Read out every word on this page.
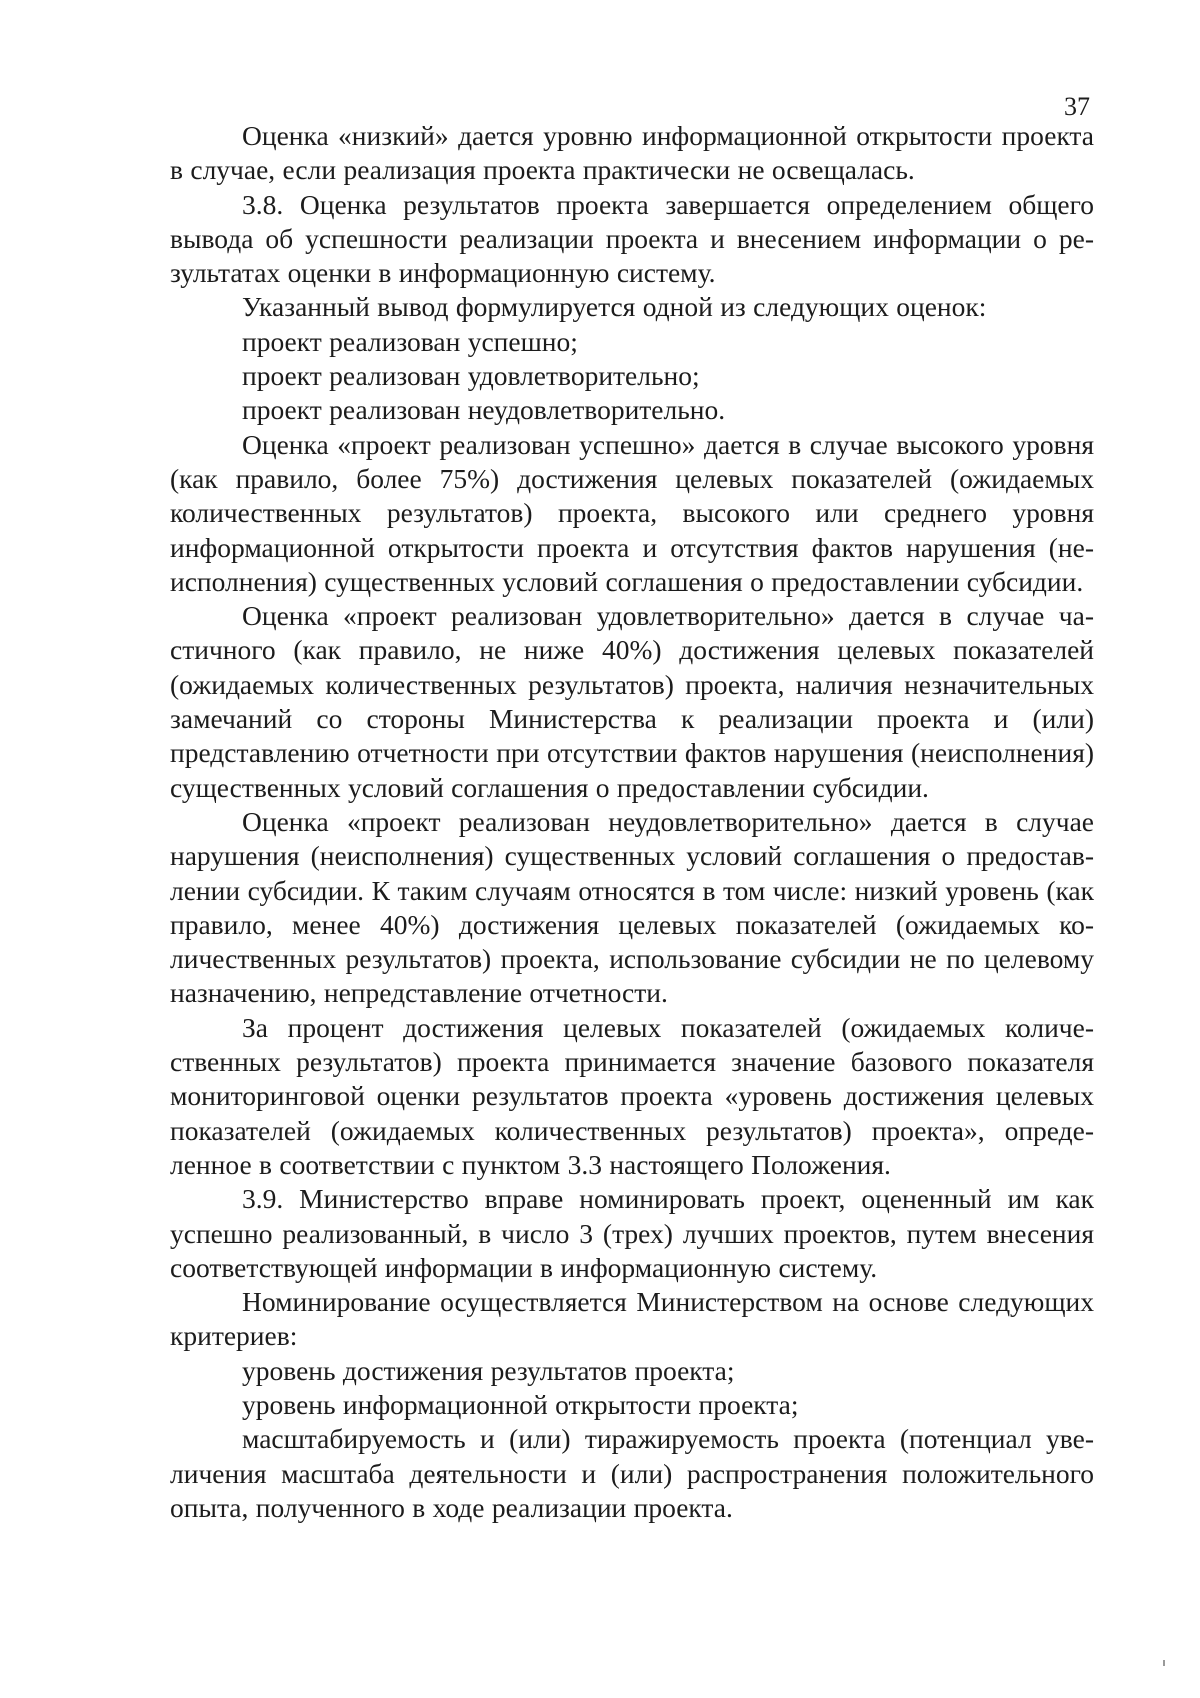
37

Оценка «низкий» дается уровню информационной открытости проекта в случае, если реализация проекта практически не освещалась.

3.8. Оценка результатов проекта завершается определением общего вывода об успешности реализации проекта и внесением информации о результатах оценки в информационную систему.

Указанный вывод формулируется одной из следующих оценок:

проект реализован успешно;

проект реализован удовлетворительно;

проект реализован неудовлетворительно.

Оценка «проект реализован успешно» дается в случае высокого уровня (как правило, более 75%) достижения целевых показателей (ожидаемых количественных результатов) проекта, высокого или среднего уровня информационной открытости проекта и отсутствия фактов нарушения (неисполнения) существенных условий соглашения о предоставлении субсидии.

Оценка «проект реализован удовлетворительно» дается в случае частичного (как правило, не ниже 40%) достижения целевых показателей (ожидаемых количественных результатов) проекта, наличия незначительных замечаний со стороны Министерства к реализации проекта и (или) представлению отчетности при отсутствии фактов нарушения (неисполнения) существенных условий соглашения о предоставлении субсидии.

Оценка «проект реализован неудовлетворительно» дается в случае нарушения (неисполнения) существенных условий соглашения о предоставлении субсидии. К таким случаям относятся в том числе: низкий уровень (как правило, менее 40%) достижения целевых показателей (ожидаемых количественных результатов) проекта, использование субсидии не по целевому назначению, непредставление отчетности.

За процент достижения целевых показателей (ожидаемых количественных результатов) проекта принимается значение базового показателя мониторинговой оценки результатов проекта «уровень достижения целевых показателей (ожидаемых количественных результатов) проекта», определенное в соответствии с пунктом 3.3 настоящего Положения.

3.9. Министерство вправе номинировать проект, оцененный им как успешно реализованный, в число 3 (трех) лучших проектов, путем внесения соответствующей информации в информационную систему.

Номинирование осуществляется Министерством на основе следующих критериев:

уровень достижения результатов проекта;

уровень информационной открытости проекта;

масштабируемость и (или) тиражируемость проекта (потенциал увеличения масштаба деятельности и (или) распространения положительного опыта, полученного в ходе реализации проекта.
